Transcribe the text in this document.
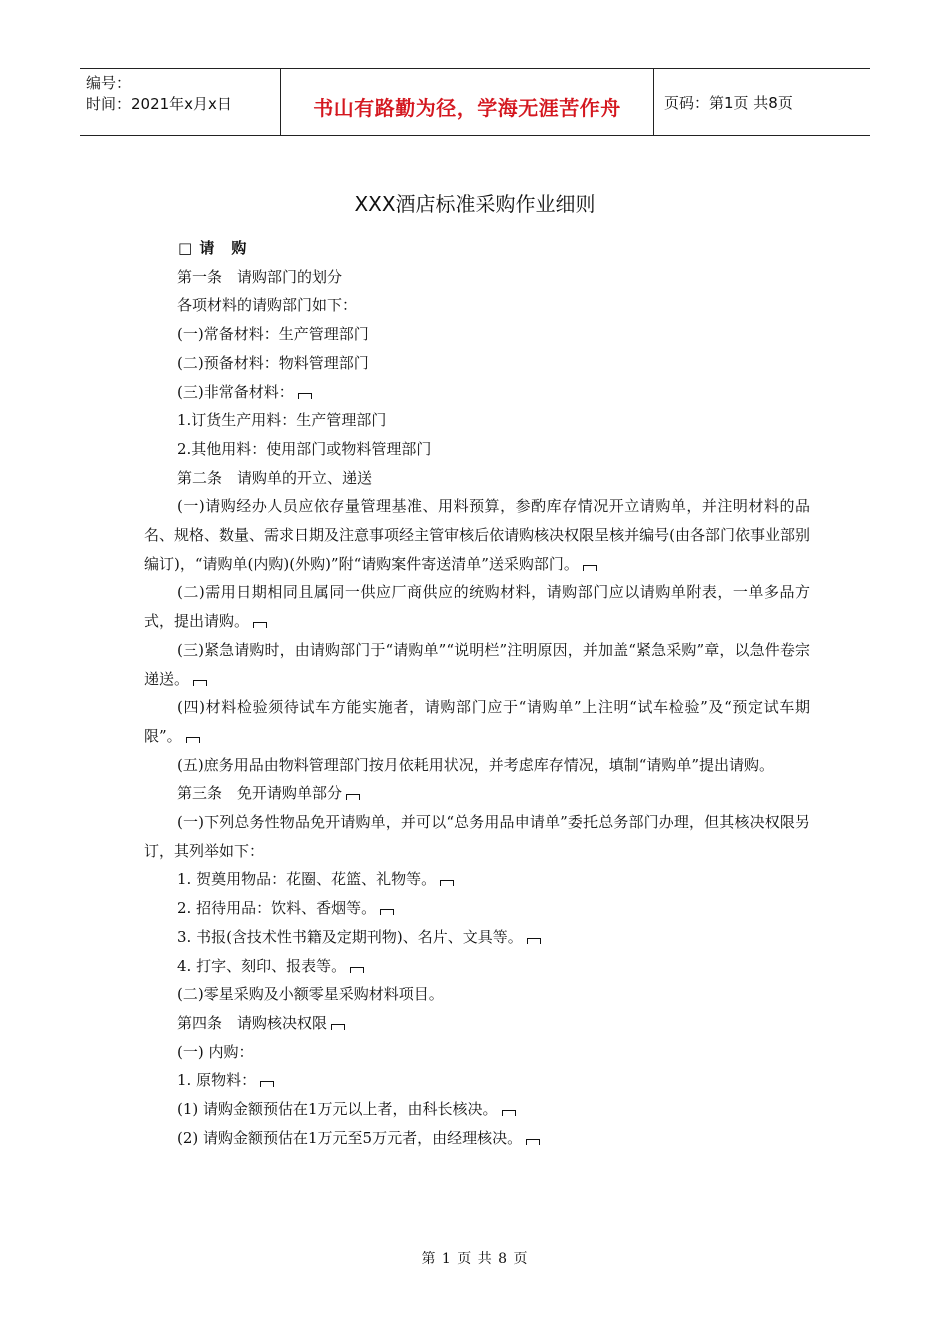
编号：
时间：2021年x月x日	书山有路勤为径，学海无涯苦作舟	页码：第1页 共8页
XXX酒店标准采购作业细则

□ 请　购

第一条　请购部门的划分

各项材料的请购部门如下：

(一)常备材料：生产管理部门

(二)预备材料：物料管理部门

(三)非常备材料：

1.订货生产用料：生产管理部门

2.其他用料：使用部门或物料管理部门

第二条　请购单的开立、递送

(一)请购经办人员应依存量管理基准、用料预算，参酌库存情况开立请购单，并注明材料的品名、规格、数量、需求日期及注意事项经主管审核后依请购核决权限呈核并编号(由各部门依事业部别编订)，“请购单(内购)(外购)”附“请购案件寄送清单”送采购部门。

(二)需用日期相同且属同一供应厂商供应的统购材料，请购部门应以请购单附表，一单多品方式，提出请购。

(三)紧急请购时，由请购部门于“请购单”“说明栏”注明原因，并加盖“紧急采购”章，以急件卷宗递送。

(四)材料检验须待试车方能实施者，请购部门应于“请购单”上注明“试车检验”及“预定试车期限”。

(五)庶务用品由物料管理部门按月依耗用状况，并考虑库存情况，填制“请购单”提出请购。

第三条　免开请购单部分

(一)下列总务性物品免开请购单，并可以“总务用品申请单”委托总务部门办理，但其核决权限另订，其列举如下：

1. 贺奠用物品：花圈、花篮、礼物等。

2. 招待用品：饮料、香烟等。

3. 书报(含技术性书籍及定期刊物)、名片、文具等。

4. 打字、刻印、报表等。

(二)零星采购及小额零星采购材料项目。

第四条　请购核决权限

(一) 内购：

1. 原物料：

(1) 请购金额预估在1万元以上者，由科长核决。

(2) 请购金额预估在1万元至5万元者，由经理核决。

第 1 页 共 8 页
